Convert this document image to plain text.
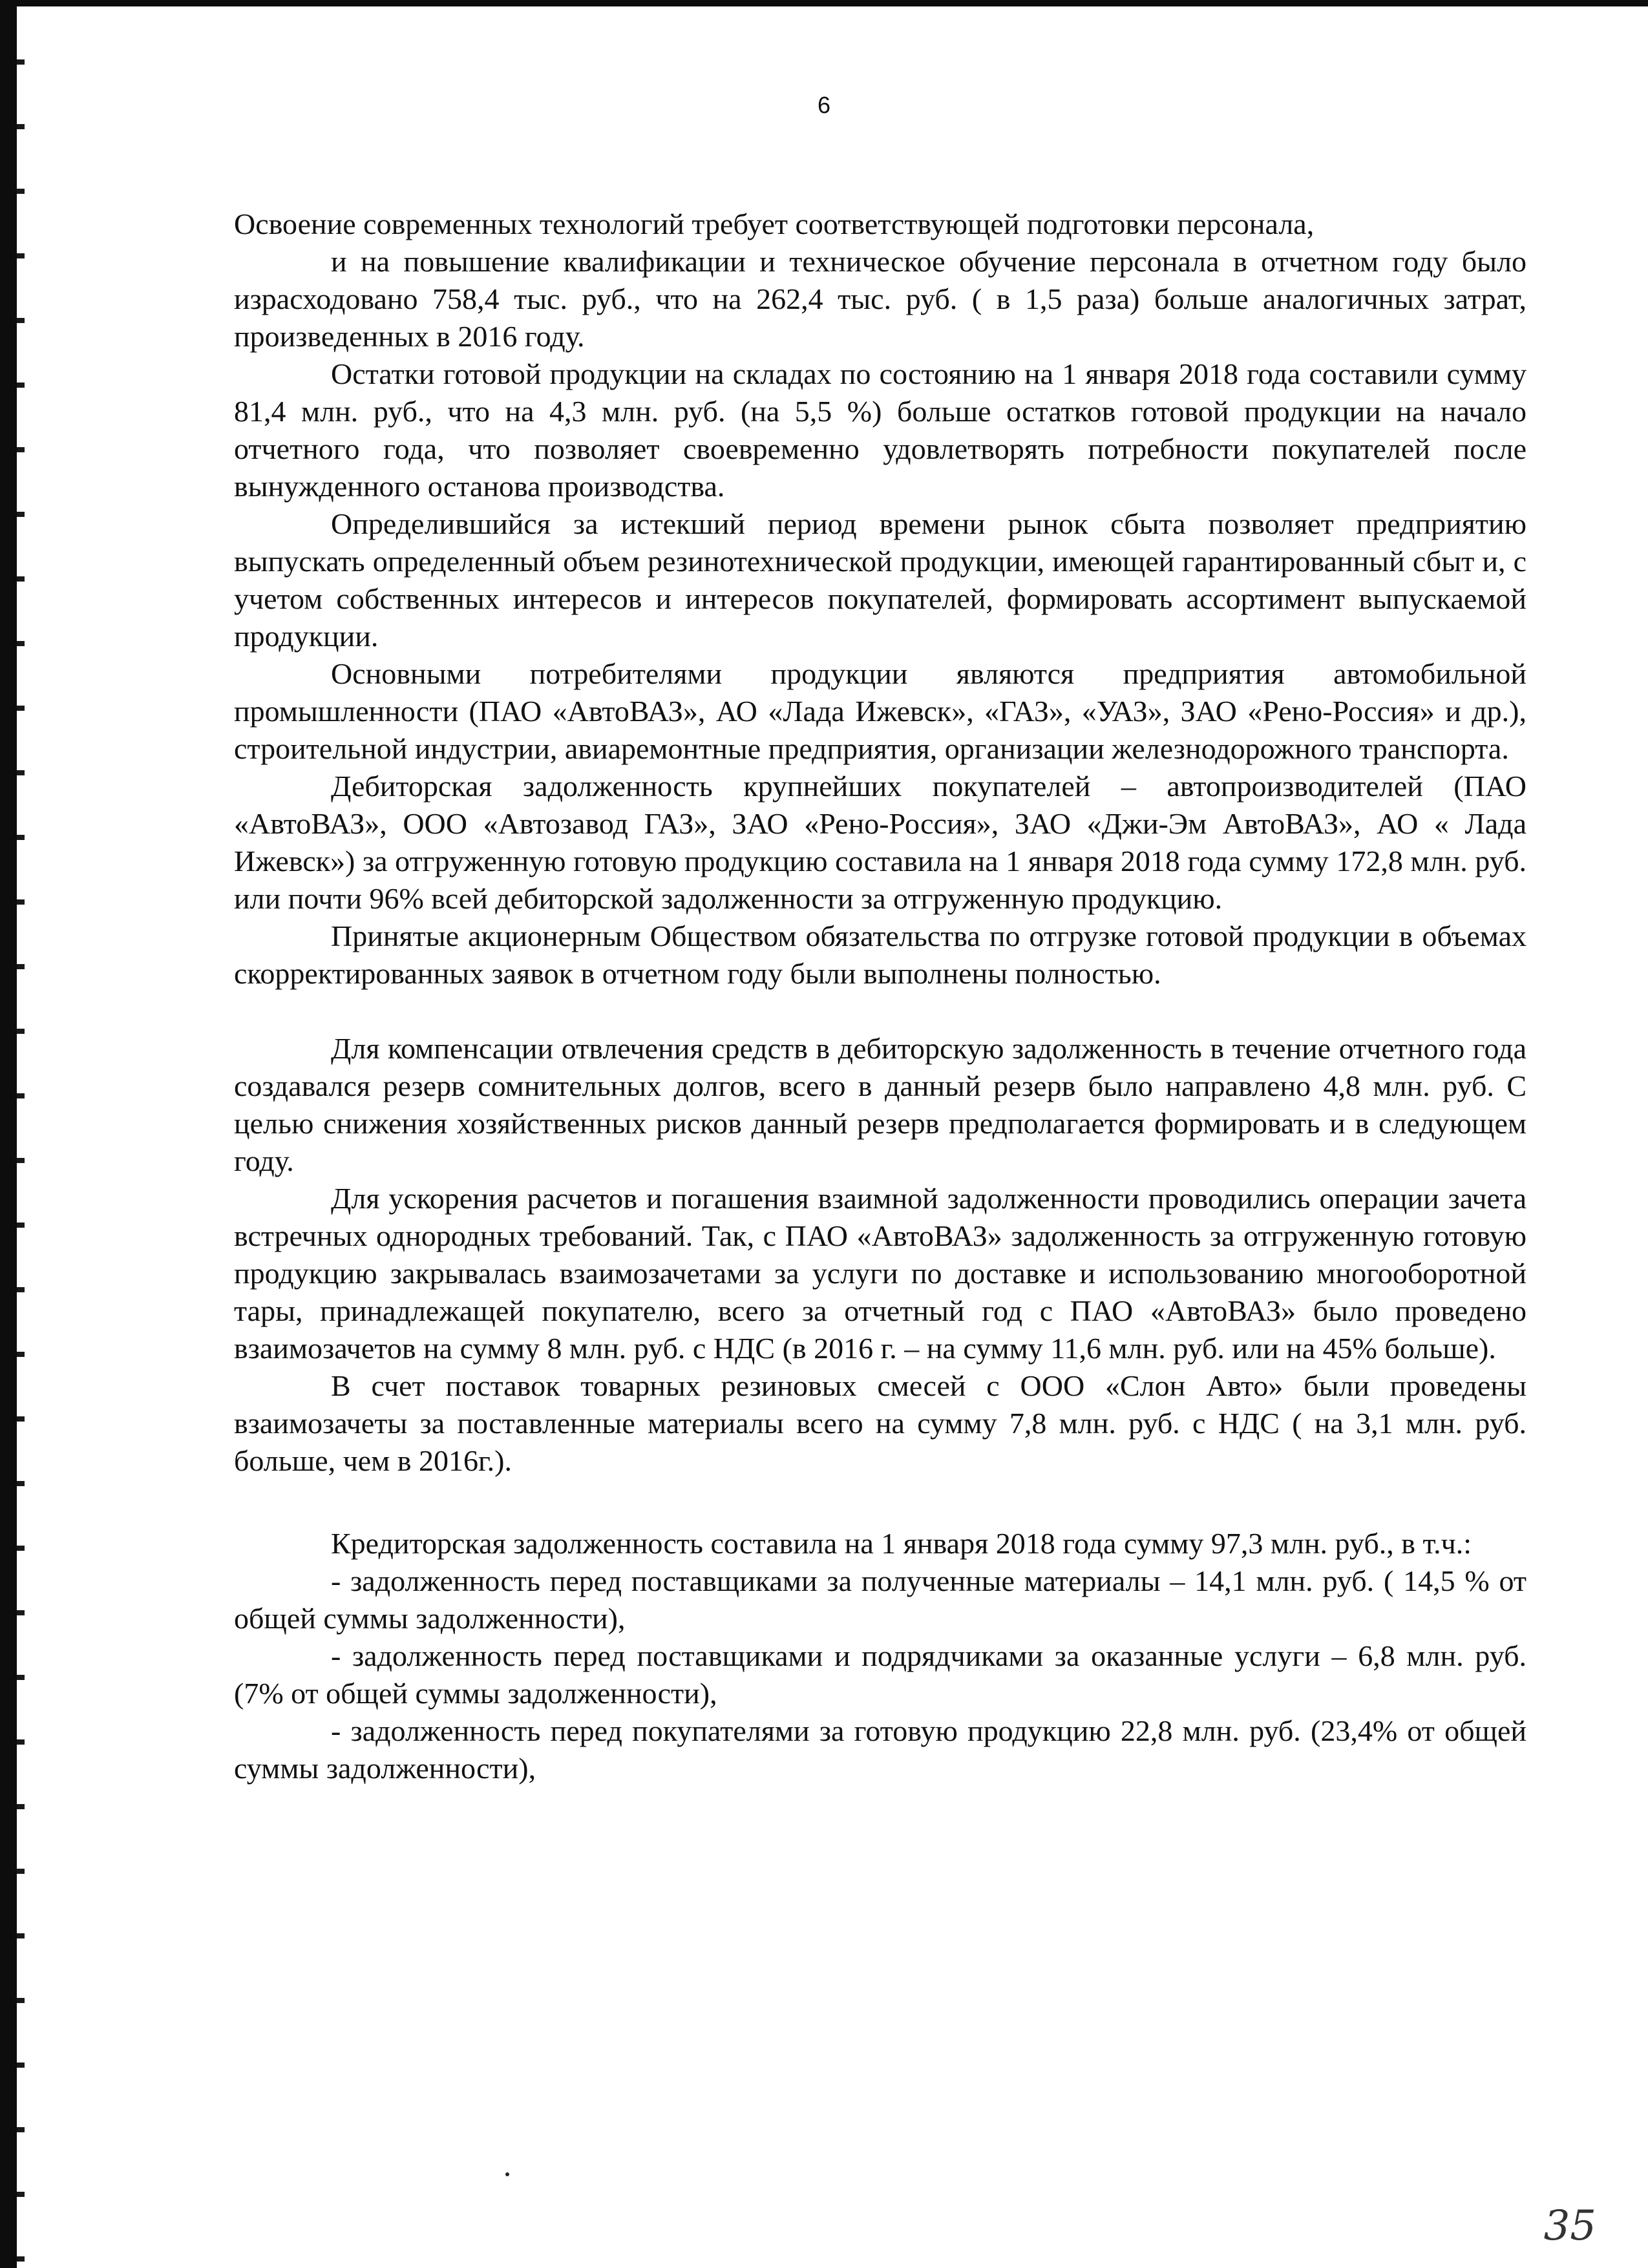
6

Освоение современных технологий требует соответствующей подготовки персонала,

и на повышение квалификации и техническое обучение персонала в отчетном году было израсходовано 758,4 тыс. руб., что на 262,4 тыс. руб. ( в 1,5 раза) больше аналогичных затрат, произведенных в 2016 году.

Остатки готовой продукции на складах по состоянию на 1 января 2018 года составили сумму 81,4 млн. руб., что на 4,3 млн. руб. (на 5,5 %) больше остатков готовой продукции на начало отчетного года, что позволяет своевременно удовлетворять потребности покупателей после вынужденного останова производства.

Определившийся за истекший период времени рынок сбыта позволяет предприятию выпускать определенный объем резинотехнической продукции, имеющей гарантированный сбыт и, с учетом собственных интересов и интересов покупателей, формировать ассортимент выпускаемой продукции.

Основными потребителями продукции являются предприятия автомобильной промышленности (ПАО «АвтоВАЗ», АО «Лада Ижевск», «ГАЗ», «УАЗ», ЗАО «Рено-Россия» и др.), строительной индустрии, авиаремонтные предприятия, организации железнодорожного транспорта.

Дебиторская задолженность крупнейших покупателей – автопроизводителей (ПАО «АвтоВАЗ», ООО «Автозавод ГАЗ», ЗАО «Рено-Россия», ЗАО «Джи-Эм АвтоВАЗ», АО « Лада Ижевск») за отгруженную готовую продукцию составила на 1 января 2018 года сумму 172,8 млн. руб. или почти 96% всей дебиторской задолженности за отгруженную продукцию.

Принятые акционерным Обществом обязательства по отгрузке готовой продукции в объемах скорректированных заявок в отчетном году были выполнены полностью.

Для компенсации отвлечения средств в дебиторскую задолженность в течение отчетного года создавался резерв сомнительных долгов, всего в данный резерв было направлено 4,8 млн. руб. С целью снижения хозяйственных рисков данный резерв предполагается формировать и в следующем году.

Для ускорения расчетов и погашения взаимной задолженности проводились операции зачета встречных однородных требований. Так, с ПАО «АвтоВАЗ» задолженность за отгруженную готовую продукцию закрывалась взаимозачетами за услуги по доставке и использованию многооборотной тары, принадлежащей покупателю, всего за отчетный год с ПАО «АвтоВАЗ» было проведено взаимозачетов на сумму 8 млн. руб. с НДС (в 2016 г. – на сумму 11,6 млн. руб. или на 45% больше).

В счет поставок товарных резиновых смесей с ООО «Слон Авто» были проведены взаимозачеты за поставленные материалы всего на сумму 7,8 млн. руб. с НДС ( на 3,1 млн. руб. больше, чем в 2016г.).

Кредиторская задолженность составила на 1 января 2018 года сумму 97,3 млн. руб., в т.ч.:

- задолженность перед поставщиками за полученные материалы – 14,1 млн. руб. ( 14,5 % от общей суммы задолженности),

- задолженность перед поставщиками и подрядчиками за оказанные услуги – 6,8 млн. руб. (7% от общей суммы задолженности),

- задолженность перед покупателями за готовую продукцию 22,8 млн. руб. (23,4% от общей суммы задолженности),

35
